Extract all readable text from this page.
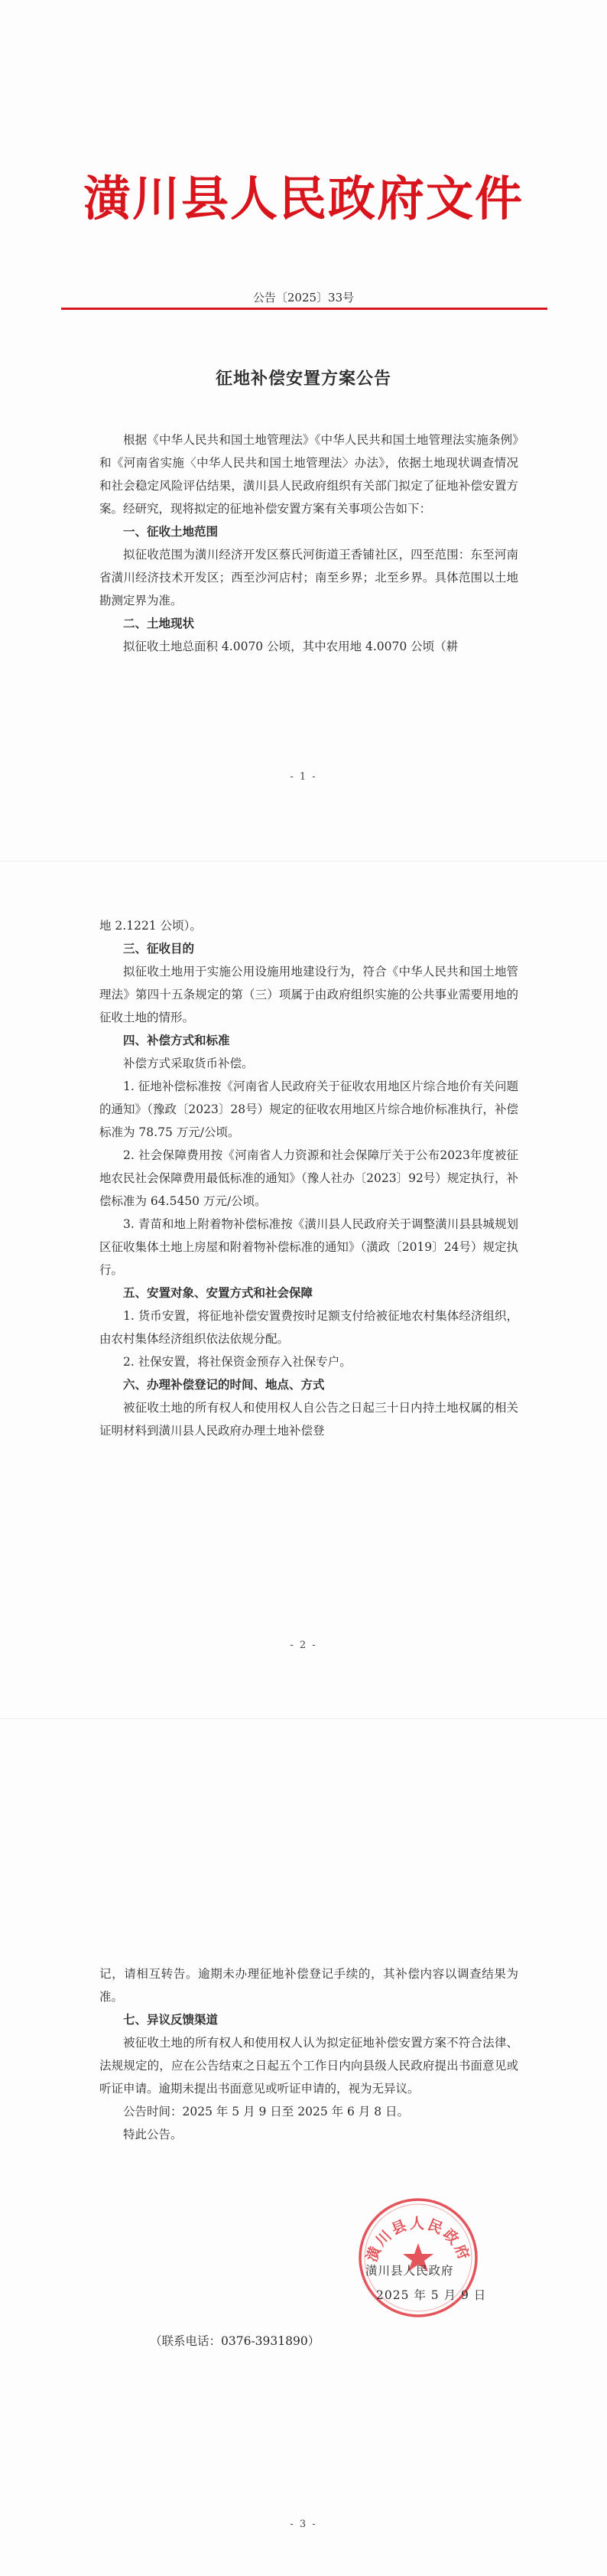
潢川县人民政府文件
公告〔2025〕33号
征地补偿安置方案公告

根据《中华人民共和国土地管理法》《中华人民共和国土地管理法实施条例》和《河南省实施〈中华人民共和国土地管理法〉办法》，依据土地现状调查情况和社会稳定风险评估结果，潢川县人民政府组织有关部门拟定了征地补偿安置方案。经研究，现将拟定的征地补偿安置方案有关事项公告如下：

一、征收土地范围

拟征收范围为潢川经济开发区蔡氏河街道王香铺社区，四至范围：东至河南省潢川经济技术开发区；西至沙河店村；南至乡界；北至乡界。具体范围以土地勘测定界为准。

二、土地现状

拟征收土地总面积 4.0070 公顷，其中农用地 4.0070 公顷（耕

- 1 -

地 2.1221 公顷）。

三、征收目的

拟征收土地用于实施公用设施用地建设行为，符合《中华人民共和国土地管理法》第四十五条规定的第（三）项属于由政府组织实施的公共事业需要用地的征收土地的情形。

四、补偿方式和标准

补偿方式采取货币补偿。

1. 征地补偿标准按《河南省人民政府关于征收农用地区片综合地价有关问题的通知》（豫政〔2023〕28号）规定的征收农用地区片综合地价标准执行，补偿标准为 78.75 万元/公顷。

2. 社会保障费用按《河南省人力资源和社会保障厅关于公布2023年度被征地农民社会保障费用最低标准的通知》（豫人社办〔2023〕92号）规定执行，补偿标准为 64.5450 万元/公顷。

3. 青苗和地上附着物补偿标准按《潢川县人民政府关于调整潢川县县城规划区征收集体土地上房屋和附着物补偿标准的通知》（潢政〔2019〕24号）规定执行。

五、安置对象、安置方式和社会保障

1. 货币安置，将征地补偿安置费按时足额支付给被征地农村集体经济组织，由农村集体经济组织依法依规分配。

2. 社保安置，将社保资金预存入社保专户。

六、办理补偿登记的时间、地点、方式

被征收土地的所有权人和使用权人自公告之日起三十日内持土地权属的相关证明材料到潢川县人民政府办理土地补偿登

- 2 -

记，请相互转告。逾期未办理征地补偿登记手续的，其补偿内容以调查结果为准。

七、异议反馈渠道

被征收土地的所有权人和使用权人认为拟定征地补偿安置方案不符合法律、法规规定的，应在公告结束之日起五个工作日内向县级人民政府提出书面意见或听证申请。逾期未提出书面意见或听证申请的，视为无异议。

公告时间：2025 年 5 月 9 日至 2025 年 6 月 8 日。

特此公告。

潢川县人民政府
潢川县人民政府
2025 年 5 月 9 日
（联系电话：0376-3931890）
- 3 -
